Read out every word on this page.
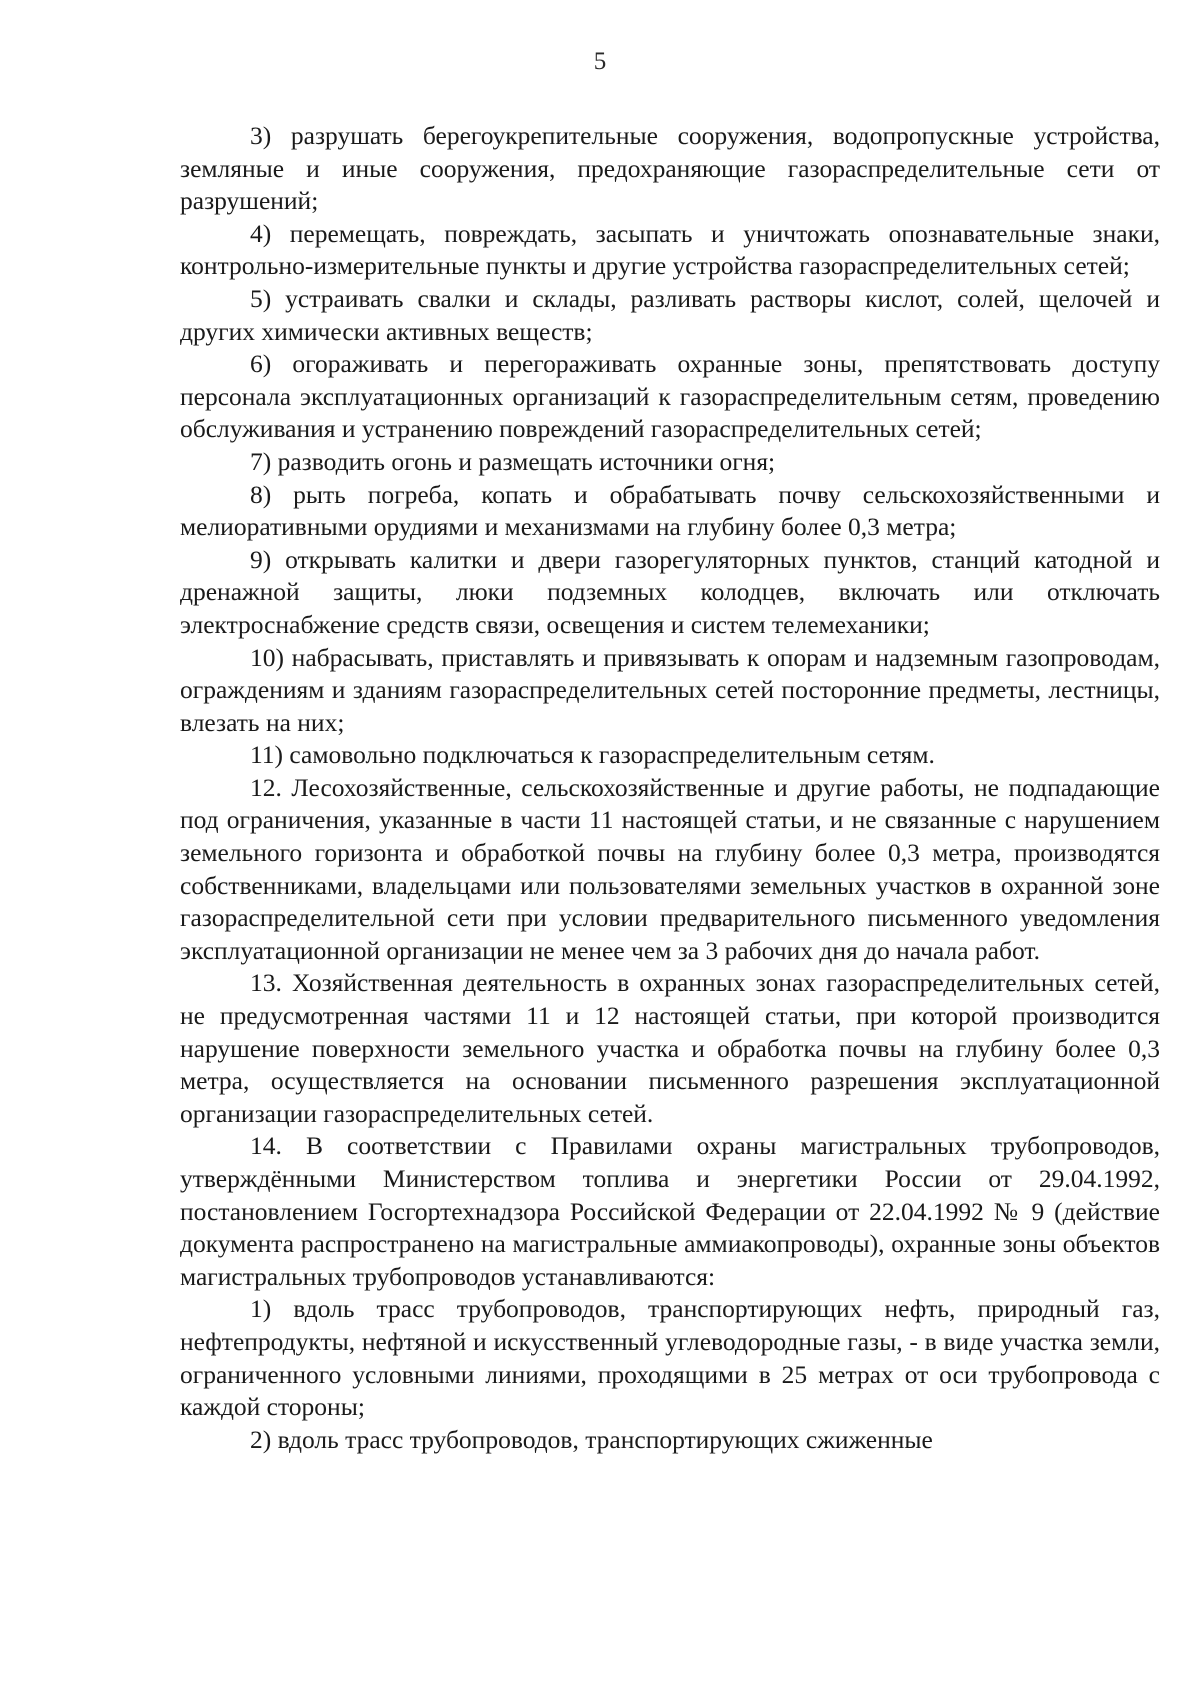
5

3) разрушать берегоукрепительные сооружения, водопропускные устройства, земляные и иные сооружения, предохраняющие газораспределительные сети от разрушений;

4) перемещать, повреждать, засыпать и уничтожать опознавательные знаки, контрольно-измерительные пункты и другие устройства газораспределительных сетей;

5) устраивать свалки и склады, разливать растворы кислот, солей, щелочей и других химически активных веществ;

6) огораживать и перегораживать охранные зоны, препятствовать доступу персонала эксплуатационных организаций к газораспределительным сетям, проведению обслуживания и устранению повреждений газораспределительных сетей;

7) разводить огонь и размещать источники огня;

8) рыть погреба, копать и обрабатывать почву сельскохозяйственными и мелиоративными орудиями и механизмами на глубину более 0,3 метра;

9) открывать калитки и двери газорегуляторных пунктов, станций катодной и дренажной защиты, люки подземных колодцев, включать или отключать электроснабжение средств связи, освещения и систем телемеханики;

10) набрасывать, приставлять и привязывать к опорам и надземным газопроводам, ограждениям и зданиям газораспределительных сетей посторонние предметы, лестницы, влезать на них;

11) самовольно подключаться к газораспределительным сетям.

12. Лесохозяйственные, сельскохозяйственные и другие работы, не подпадающие под ограничения, указанные в части 11 настоящей статьи, и не связанные с нарушением земельного горизонта и обработкой почвы на глубину более 0,3 метра, производятся собственниками, владельцами или пользователями земельных участков в охранной зоне газораспределительной сети при условии предварительного письменного уведомления эксплуатационной организации не менее чем за 3 рабочих дня до начала работ.

13. Хозяйственная деятельность в охранных зонах газораспределительных сетей, не предусмотренная частями 11 и 12 настоящей статьи, при которой производится нарушение поверхности земельного участка и обработка почвы на глубину более 0,3 метра, осуществляется на основании письменного разрешения эксплуатационной организации газораспределительных сетей.

14. В соответствии с Правилами охраны магистральных трубопроводов, утверждёнными Министерством топлива и энергетики России от 29.04.1992, постановлением Госгортехнадзора Российской Федерации от 22.04.1992 № 9 (действие документа распространено на магистральные аммиакопроводы), охранные зоны объектов магистральных трубопроводов устанавливаются:

1) вдоль трасс трубопроводов, транспортирующих нефть, природный газ, нефтепродукты, нефтяной и искусственный углеводородные газы, - в виде участка земли, ограниченного условными линиями, проходящими в 25 метрах от оси трубопровода с каждой стороны;

2) вдоль трасс трубопроводов, транспортирующих сжиженные
